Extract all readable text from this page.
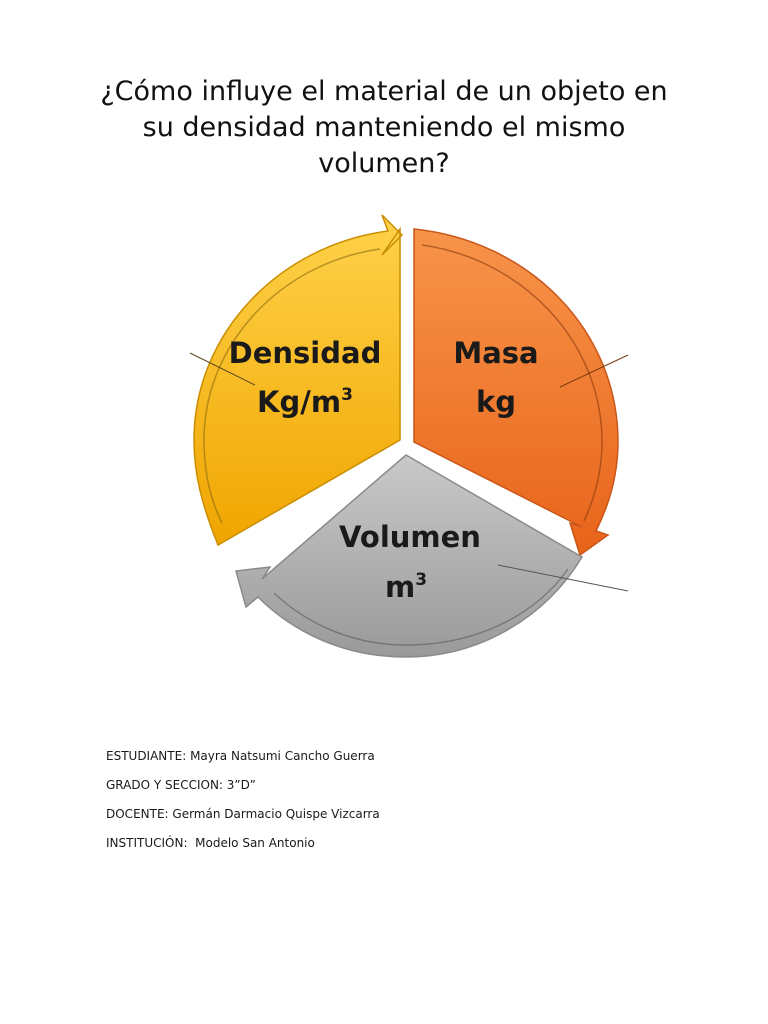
¿Cómo influye el material de un objeto en su densidad manteniendo el mismo volumen?
Densidad
$Kg/m^3$
Masa
kg
Volumen
$m^3$
ESTUDIANTE: Mayra Natsumi Cancho Guerra
GRADO Y SECCION: 3”D”
DOCENTE: Germán Darmacio Quispe Vizcarra
INSTITUCIÓN:  Modelo San Antonio
